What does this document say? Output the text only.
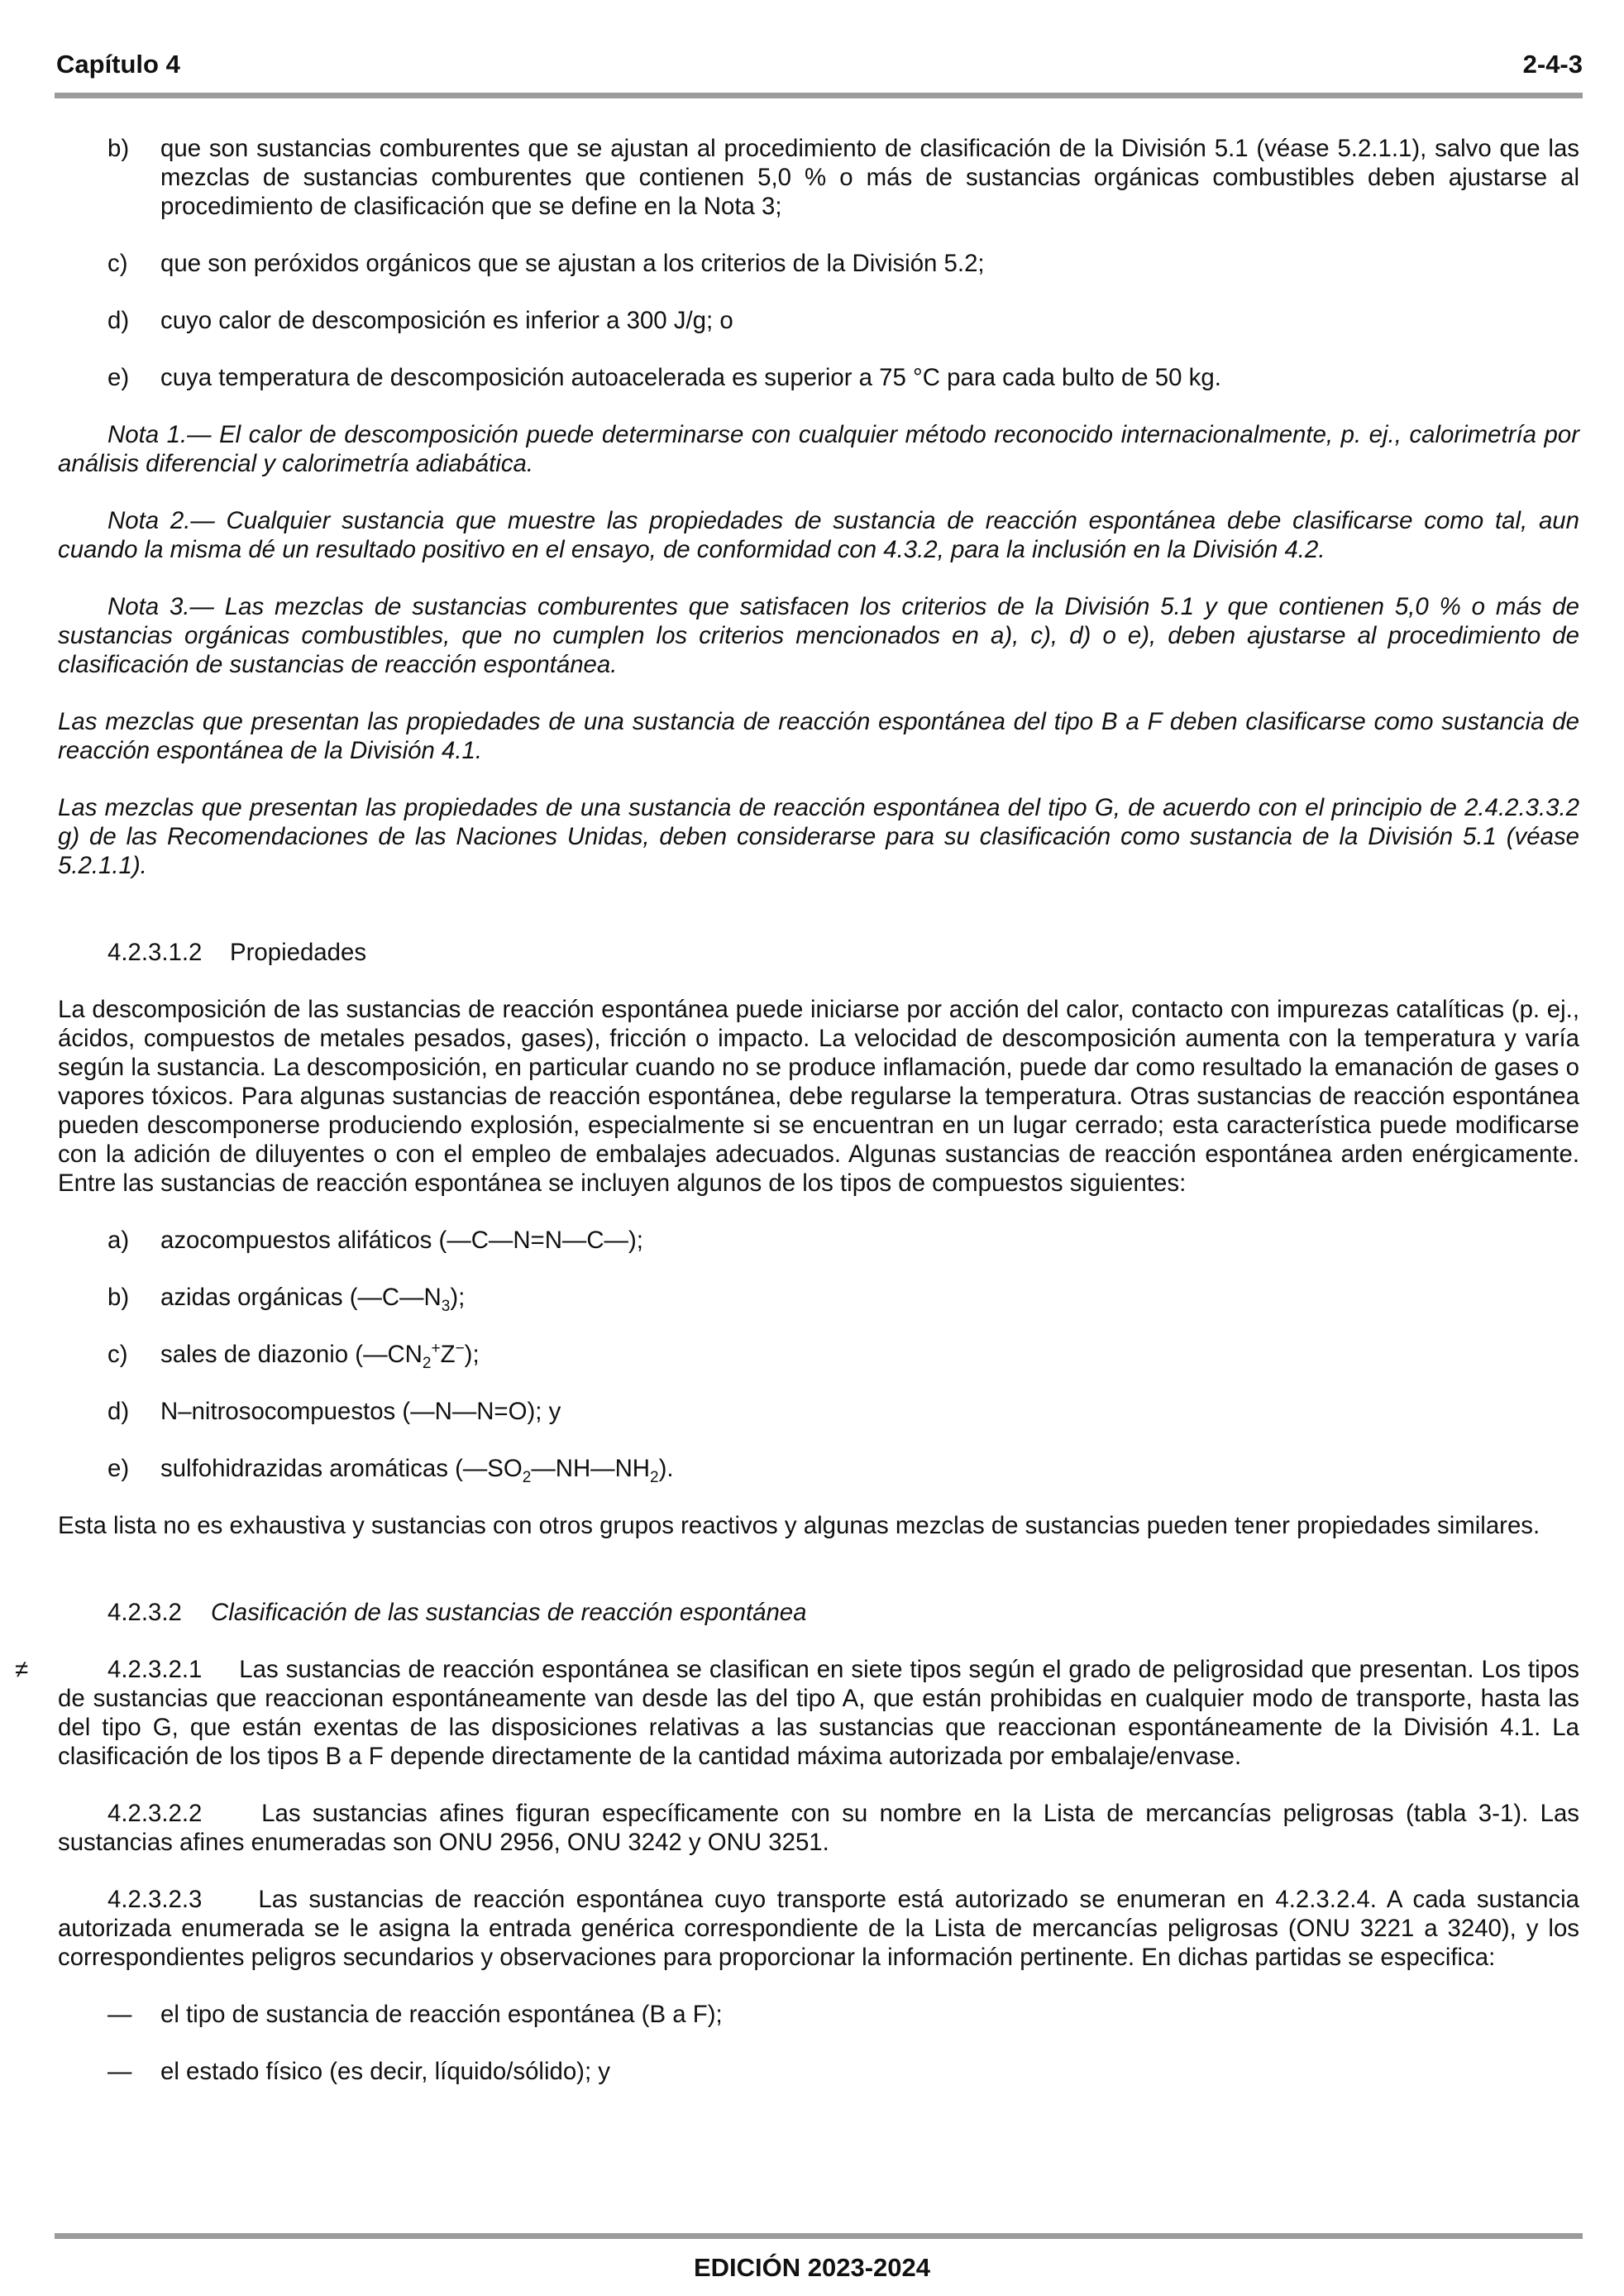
Capítulo 4	2-4-3
b)	que son sustancias comburentes que se ajustan al procedimiento de clasificación de la División 5.1 (véase 5.2.1.1), salvo que las mezclas de sustancias comburentes que contienen 5,0 % o más de sustancias orgánicas combustibles deben ajustarse al procedimiento de clasificación que se define en la Nota 3;
c)	que son peróxidos orgánicos que se ajustan a los criterios de la División 5.2;
d)	cuyo calor de descomposición es inferior a 300 J/g; o
e)	cuya temperatura de descomposición autoacelerada es superior a 75 °C para cada bulto de 50 kg.

Nota 1.— El calor de descomposición puede determinarse con cualquier método reconocido internacionalmente, p. ej., calorimetría por análisis diferencial y calorimetría adiabática.

Nota 2.— Cualquier sustancia que muestre las propiedades de sustancia de reacción espontánea debe clasificarse como tal, aun cuando la misma dé un resultado positivo en el ensayo, de conformidad con 4.3.2, para la inclusión en la División 4.2.

Nota 3.— Las mezclas de sustancias comburentes que satisfacen los criterios de la División 5.1 y que contienen 5,0 % o más de sustancias orgánicas combustibles, que no cumplen los criterios mencionados en a), c), d) o e), deben ajustarse al procedimiento de clasificación de sustancias de reacción espontánea.

Las mezclas que presentan las propiedades de una sustancia de reacción espontánea del tipo B a F deben clasificarse como sustancia de reacción espontánea de la División 4.1.

Las mezclas que presentan las propiedades de una sustancia de reacción espontánea del tipo G, de acuerdo con el principio de 2.4.2.3.3.2 g) de las Recomendaciones de las Naciones Unidas, deben considerarse para su clasificación como sustancia de la División 5.1 (véase 5.2.1.1).

4.2.3.1.2 Propiedades

La descomposición de las sustancias de reacción espontánea puede iniciarse por acción del calor, contacto con impurezas catalíticas (p. ej., ácidos, compuestos de metales pesados, gases), fricción o impacto. La velocidad de descomposición aumenta con la temperatura y varía según la sustancia. La descomposición, en particular cuando no se produce inflamación, puede dar como resultado la emanación de gases o vapores tóxicos. Para algunas sustancias de reacción espontánea, debe regularse la temperatura. Otras sustancias de reacción espontánea pueden descomponerse produciendo explosión, especialmente si se encuentran en un lugar cerrado; esta característica puede modificarse con la adición de diluyentes o con el empleo de embalajes adecuados. Algunas sustancias de reacción espontánea arden enérgicamente. Entre las sustancias de reacción espontánea se incluyen algunos de los tipos de compuestos siguientes:

a)	azocompuestos alifáticos (—C—N=N—C—);
b)	azidas orgánicas $(—C—N_3)$;
c)	sales de diazonio $(—CN_2^+Z^-)$;
d)	N–nitrosocompuestos (—N—N=O); y
e)	sulfohidrazidas aromáticas $(—SO_2—NH—NH_2)$.

Esta lista no es exhaustiva y sustancias con otros grupos reactivos y algunas mezclas de sustancias pueden tener propiedades similares.

4.2.3.2 Clasificación de las sustancias de reacción espontánea
≠	4.2.3.2.1 Las sustancias de reacción espontánea se clasifican en siete tipos según el grado de peligrosidad que presentan. Los tipos de sustancias que reaccionan espontáneamente van desde las del tipo A, que están prohibidas en cualquier modo de transporte, hasta las del tipo G, que están exentas de las disposiciones relativas a las sustancias que reaccionan espontáneamente de la División 4.1. La clasificación de los tipos B a F depende directamente de la cantidad máxima autorizada por embalaje/envase.

4.2.3.2.2 Las sustancias afines figuran específicamente con su nombre en la Lista de mercancías peligrosas (tabla 3-1). Las sustancias afines enumeradas son ONU 2956, ONU 3242 y ONU 3251.

4.2.3.2.3 Las sustancias de reacción espontánea cuyo transporte está autorizado se enumeran en 4.2.3.2.4. A cada sustancia autorizada enumerada se le asigna la entrada genérica correspondiente de la Lista de mercancías peligrosas (ONU 3221 a 3240), y los correspondientes peligros secundarios y observaciones para proporcionar la información pertinente. En dichas partidas se especifica:

—	el tipo de sustancia de reacción espontánea (B a F);
—	el estado físico (es decir, líquido/sólido); y
EDICIÓN 2023-2024
